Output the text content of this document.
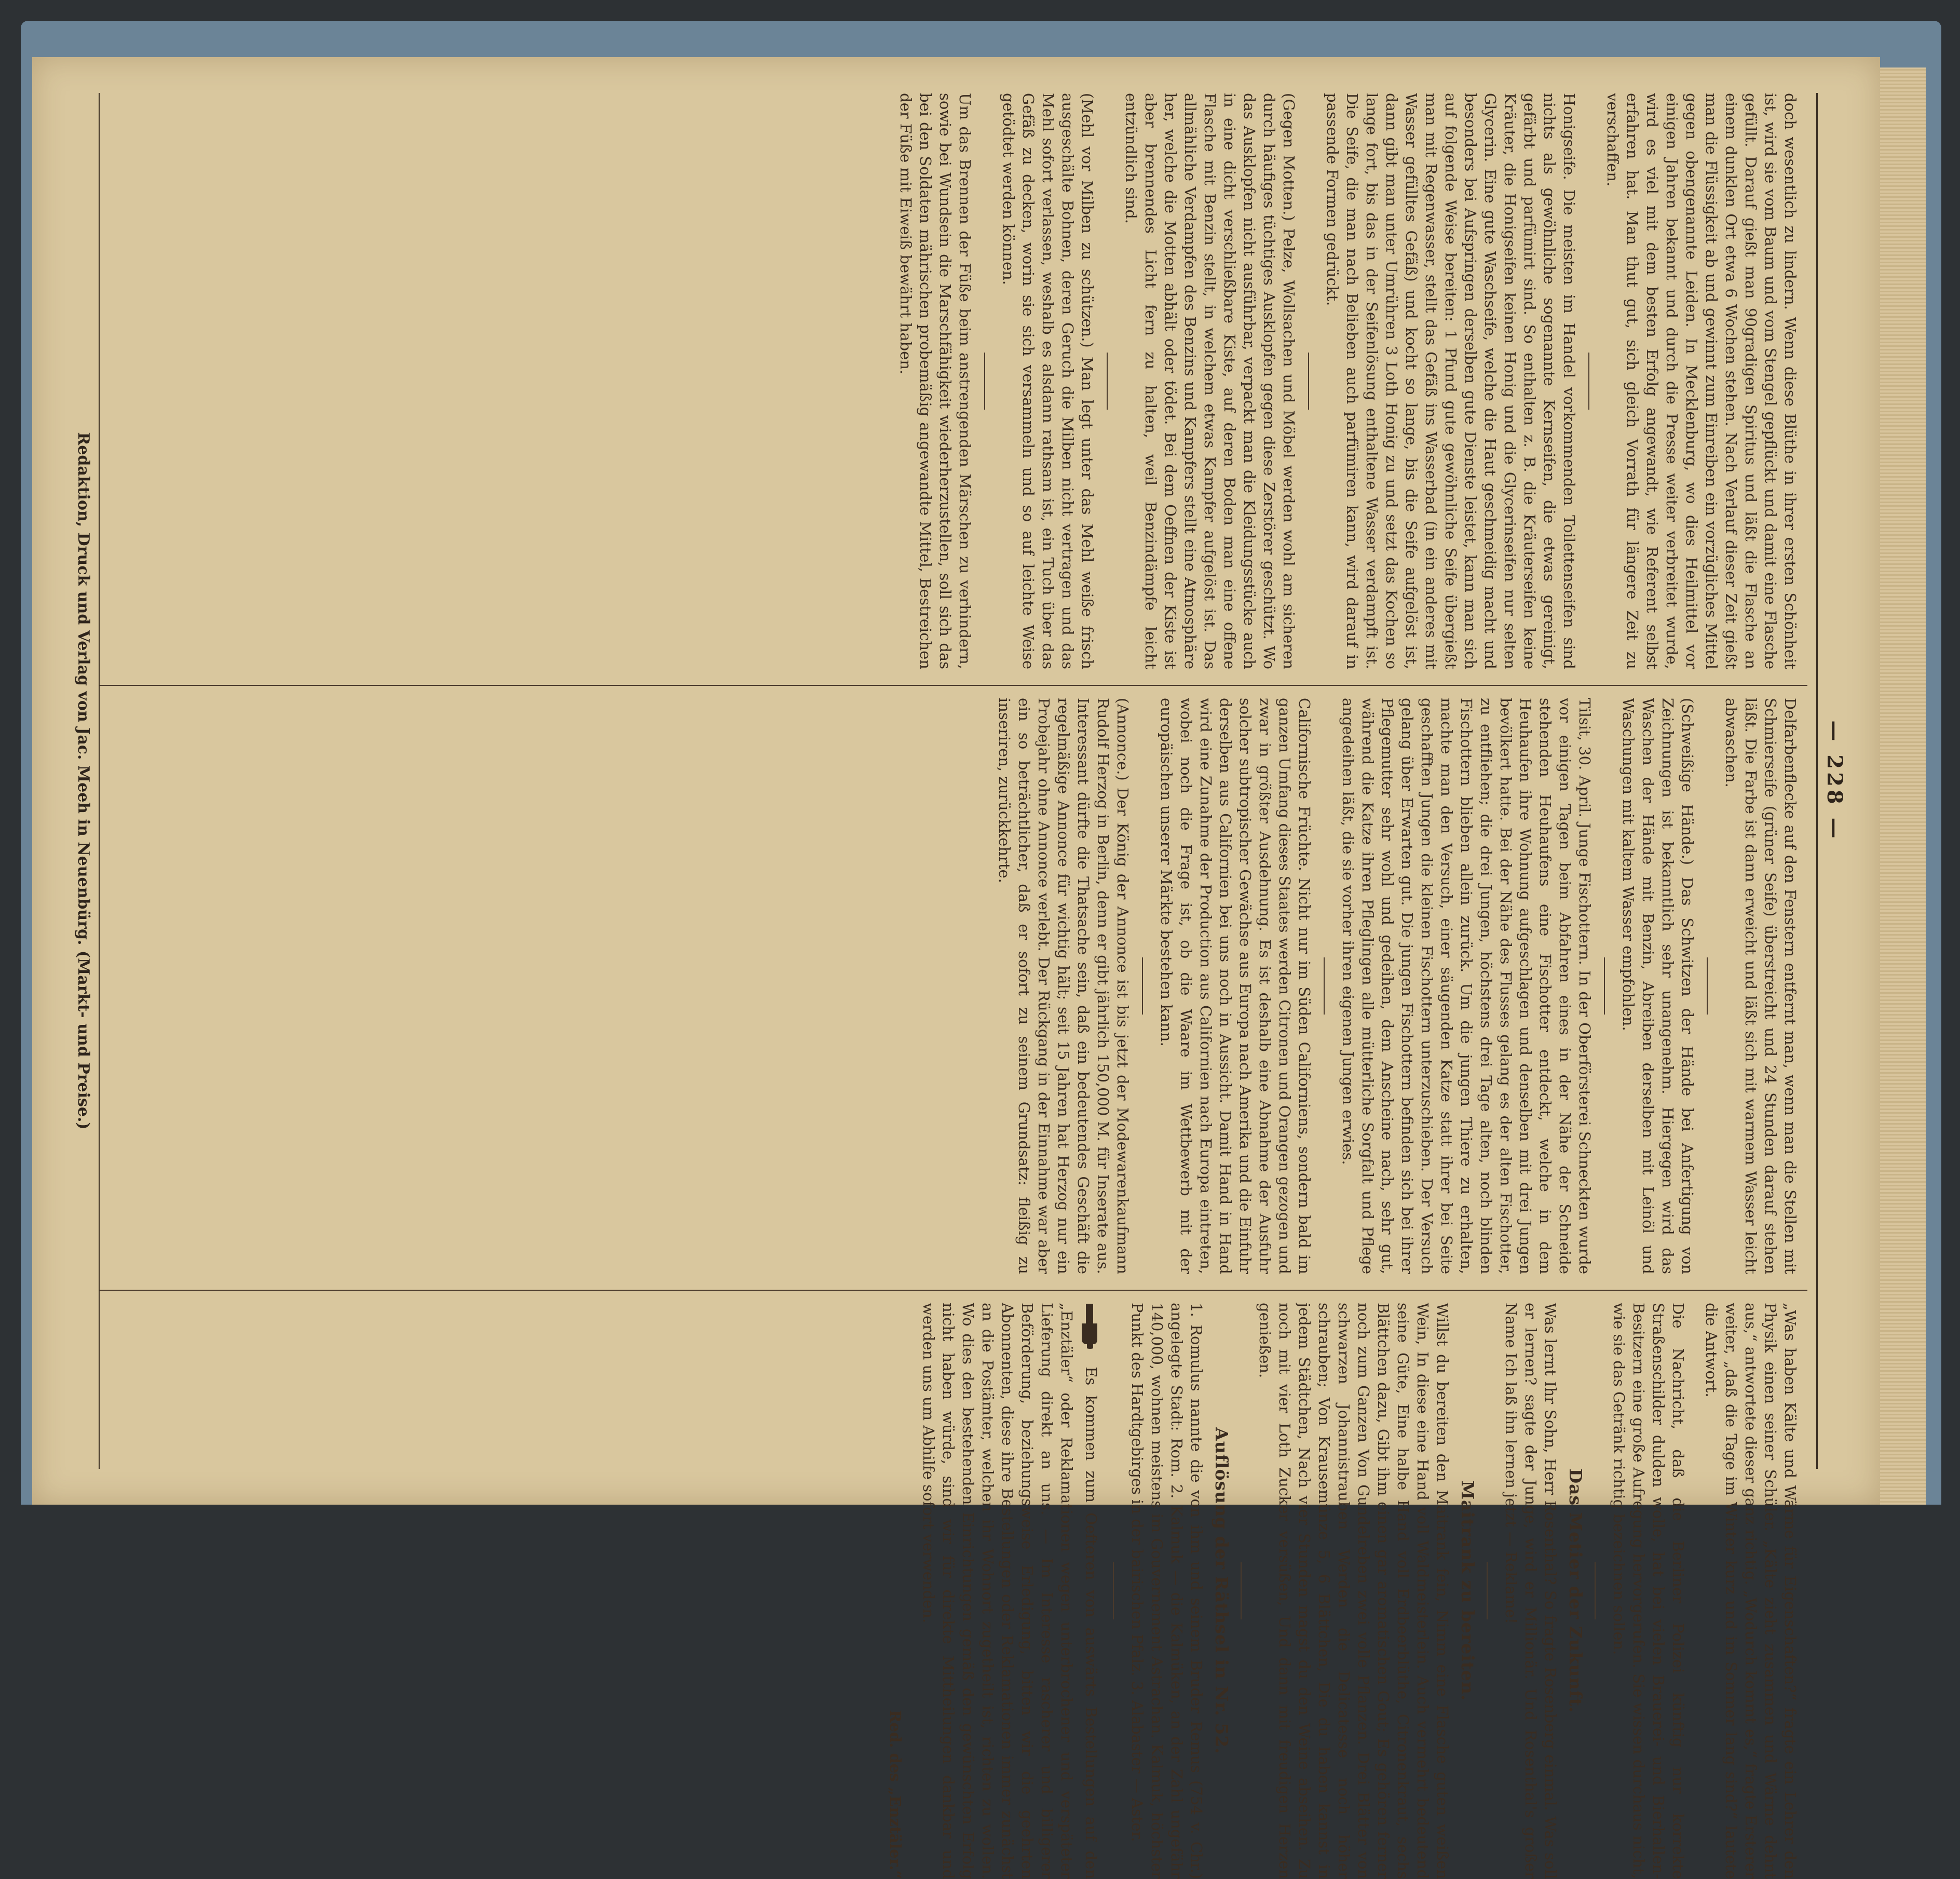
— 228 —
doch wesentlich zu lindern. Wenn diese Blüthe in ihrer ersten Schönheit ist, wird sie vom Baum und vom Stengel gepflückt und damit eine Flasche gefüllt. Darauf gießt man 90gradigen Spiritus und läßt die Flasche an einem dunklen Ort etwa 6 Wochen stehen. Nach Verlauf dieser Zeit gießt man die Flüssigkeit ab und gewinnt zum Einreiben ein vorzügliches Mittel gegen obengenannte Leiden. In Mecklenburg, wo dies Heilmittel vor einigen Jahren bekannt und durch die Presse weiter verbreitet wurde, wird es viel mit dem besten Erfolg angewandt, wie Referent selbst erfahren hat. Man thut gut, sich gleich Vorrath für längere Zeit zu verschaffen.
Honigseife. Die meisten im Handel vorkommenden Toilettenseifen sind nichts als gewöhnliche sogenannte Kernseifen, die etwas gereinigt, gefärbt und parfümirt sind. So enthalten z. B. die Kräuterseifen keine Kräuter, die Honigseifen keinen Honig und die Glycerinseifen nur selten Glycerin. Eine gute Waschseife, welche die Haut geschmeidig macht und besonders bei Aufspringen derselben gute Dienste leistet, kann man sich auf folgende Weise bereiten: 1 Pfund gute gewöhnliche Seife übergießt man mit Regenwasser, stellt das Gefäß ins Wasserbad (in ein anderes mit Wasser gefülltes Gefäß) und kocht so lange, bis die Seife aufgelöst ist, dann gibt man unter Umrühren 3 Loth Honig zu und setzt das Kochen so lange fort, bis das in der Seifenlösung enthaltene Wasser verdampft ist. Die Seife, die man nach Belieben auch parfümiren kann, wird darauf in passende Formen gedrückt.
(Gegen Motten.) Pelze, Wollsachen und Möbel werden wohl am sicheren durch häufiges tüchtiges Ausklopfen gegen diese Zerstörer geschützt. Wo das Ausklopfen nicht ausführbar, verpackt man die Kleidungsstücke auch in eine dicht verschließbare Kiste, auf deren Boden man eine offene Flasche mit Benzin stellt, in welchem etwas Kampfer aufgelöst ist. Das allmähliche Verdampfen des Benzins und Kampfers stellt eine Atmosphäre her, welche die Motten abhält oder tödet. Bei dem Oeffnen der Kiste ist aber brennendes Licht fern zu halten, weil Benzindämpfe leicht entzündlich sind.
(Mehl vor Milben zu schützen.) Man legt unter das Mehl weiße frisch ausgeschälte Bohnen, deren Geruch die Milben nicht vertragen und das Mehl sofort verlassen, weshalb es alsdann rathsam ist, ein Tuch über das Gefäß zu decken, worin sie sich versammeln und so auf leichte Weise getödtet werden können.
Um das Brennen der Füße beim anstrengenden Märschen zu verhindern, sowie bei Wundsein die Marschfähigkeit wiederherzustellen, soll sich das bei den Soldaten mährischen probemäßig angewandte Mittel, Bestreichen der Füße mit Eiweiß bewährt haben.
Delfarbenflecke auf den Fenstern entfernt man, wenn man die Stellen mit Schmierseife (grüner Seife) überstreicht und 24 Stunden darauf stehen läßt. Die Farbe ist dann erweicht und läßt sich mit warmem Wasser leicht abwaschen.
(Schweißige Hände.) Das Schwitzen der Hände bei Anfertigung von Zeichnungen ist bekanntlich sehr unangenehm. Hiergegen wird das Waschen der Hände mit Benzin, Abreiben derselben mit Leinöl und Waschungen mit kaltem Wasser empfohlen.
Tilsit, 30. April. Junge Fischottern. In der Oberförsterei Schneckten wurde vor einigen Tagen beim Abfahren eines in der Nähe der Schneide stehenden Heuhaufens eine Fischotter entdeckt, welche in dem Heuhaufen ihre Wohnung aufgeschlagen und denselben mit drei Jungen bevölkert hatte. Bei der Nähe des Flusses gelang es der alten Fischotter, zu entfliehen; die drei Jungen, höchstens drei Tage alten, noch blinden Fischottern blieben allein zurück. Um die jungen Thiere zu erhalten, machte man den Versuch, einer säugenden Katze statt ihrer bei Seite geschafften Jungen die kleinen Fischottern unterzuschieben. Der Versuch gelang über Erwarten gut. Die jungen Fischottern befinden sich bei ihrer Pflegemutter sehr wohl und gedeihen, dem Anscheine nach, sehr gut, während die Katze ihren Pfleglingen alle mütterliche Sorgfalt und Pflege angedeihen läßt, die sie vorher ihren eigenen Jungen erwies.
Californische Früchte. Nicht nur im Süden Californiens, sondern bald im ganzen Umfang dieses Staates werden Citronen und Orangen gezogen und zwar in größter Ausdehnung. Es ist deshalb eine Abnahme der Ausfuhr solcher subtropischer Gewächse aus Europa nach Amerika und die Einfuhr derselben aus Californien bei uns noch in Aussicht. Damit Hand in Hand wird eine Zunahme der Production aus Californien nach Europa eintreten, wobei noch die Frage ist, ob die Waare im Wettbewerb mit der europäischen unserer Märkte bestehen kann.
(Annonce.) Der König der Annonce ist bis jetzt der Modewarenkaufmann Rudolf Herzog in Berlin, denn er gibt jährlich 150,000 M. für Inserate aus. Interessant dürfte die Thatsache sein, daß ein bedeutendes Geschäft die regelmäßige Annonce für wichtig hält; seit 15 Jahren hat Herzog nur ein Probejahr ohne Annonce verlebt. Der Rückgang in der Einnahme war aber ein so beträchtlicher, daß er sofort zu seinem Grundsatz: fleißig zu inseriren, zurückkehrte.
„Was haben Kälte und Wärme für Eigenschaften?“ fragte ein Lehrer den Physik einen seiner Schüler. „Kälte zieht zusammen und Wärme dehnt aus,“ antwortete dieser ganz richtig. „Wodurch kommt es,“ fragte Ersterer weiter, „daß die Tage im Winter kurz und im Sommer lang sind?“ lautete die Antwort.
Die Nachricht, daß die Berliner Polizei künftig nur korrekte Straßenschilder dulden wolle, hat bei vielen Brauerei- und Bierhallen-Besitzern eine große Aufregung hervorgerufen. Sie wissen durchaus nicht, wie sie das Getränk richtig bezeichnen sollen.
Das Metier der Zukunft.
Was lernt Ihr Sohn, Herr Rosenthal? So fragte Rosenberg einmal. Was soll er lernen? sagte der Junge, wird er Millionär. Und Rosenthal's großer Name Ich laß ihn lernen jetzt — Reklame!
Maitrank zu bereiten.
Willst du bereiten den Maitrank fein, Nimm eine Flasche guten weißen Wein, In diese eine Hand voll Waldmeisterlein. Auch vermehrt bedeutend seine Güte, Eine halbe Hand voll Erdbeerblüthe, Citronenkraut, sechs Blättchen dazu, Gibt ihm einen gar aromatischen Gout; Es gehören ferner noch zum Ganzen Von Gundelreben zwei volle Pflanzen. Drei Blätter von schwarzen Johannistrauben Werden die Delicatesse noch höher schrauben; Von Krausemünze 5, 6 Blättchen, Die du haben kannst in jedem Städtchen, Nach vier Stunden magst du den Weine abseihen. Zu noch mit vier Loth Zucker versüßen, Und dann mit freudigen Herzen genießen.
Auflösung der Räthsel in Nr. 52.
1. Romulus nannte die von ihm und seinem Bruder Remus (754 v. Chr.) angelegte Stadt: Rom. 2. Kalmuk — die Kalmüken, an der Zahl ungefähr 140,000, wohnen meistens im Gouvernement Astrachan. Kalmuk, höchster Punkt des Hardtgebirges in der bairischen Pfalz. 3. Alabaster — Aster.
Es kommen zum Oefteren von auswärts Bestellungen auf den „Enztäler“ oder Reklamationen wegen unterbrochener und verspäteter Lieferung direkt an uns. — Im Interesse rascherer und billigerer Beförderung, beziehungsweise Erledigung, bitten wir die geehrten Abonnenten, diese ihre Bestellungen oder Reklamationen immer zunächst an die Postämter, welchen ihr Wohnort zugetheilt ist, richten zu wollen. Wo dies den bestehenden Einrichtungen gemäß den gewünschten Erfolg nicht haben würde, sind wir für direkte Mittheilungen dankbar und werden uns um Abhilfe sofort verwenden.
Red. des „Enztäler.“
Redaktion, Druck und Verlag von Jac. Meeh in Neuenbürg. (Markt- und Preise.)
